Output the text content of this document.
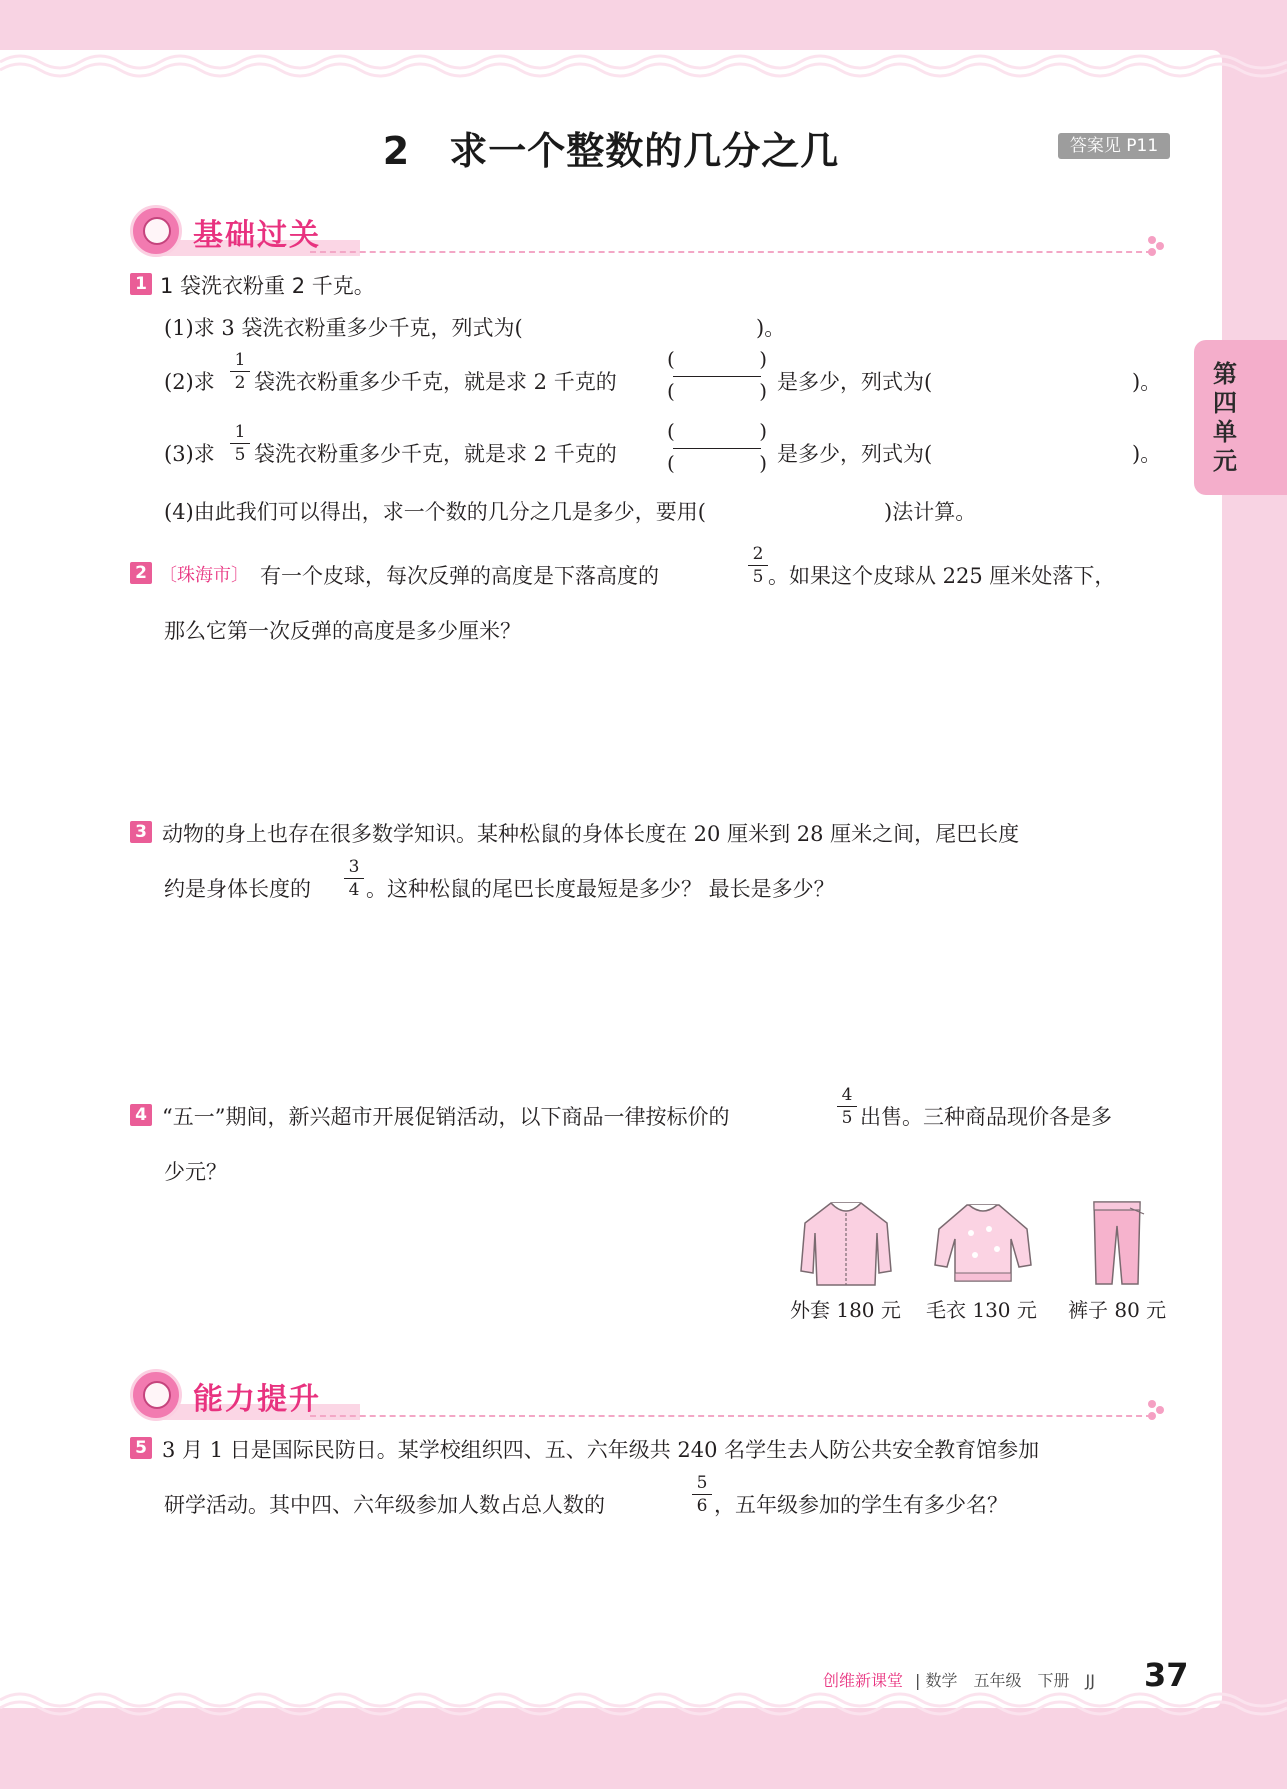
2　求一个整数的几分之几	答案见 P11
第四单元
基础过关
1 1 袋洗衣粉重 2 千克。
(1)求 3 袋洗衣粉重多少千克，列式为(	)。
(2)求
1
2 袋洗衣粉重多少千克，就是求 2 千克的
(	)
(	) 是多少，列式为(	)。
(3)求
1
5 袋洗衣粉重多少千克，就是求 2 千克的
(	)
(	) 是多少，列式为(	)。
(4)由此我们可以得出，求一个数的几分之几是多少，要用(	)法计算。
2 〔珠海市〕 有一个皮球，每次反弹的高度是下落高度的
2
5 。如果这个皮球从 225 厘米处落下，
那么它第一次反弹的高度是多少厘米？
3 动物的身上也存在很多数学知识。某种松鼠的身体长度在 20 厘米到 28 厘米之间，尾巴长度
约是身体长度的
3
4 。这种松鼠的尾巴长度最短是多少？ 最长是多少？
4 “五一”期间，新兴超市开展促销活动，以下商品一律按标价的
4
5 出售。三种商品现价各是多
少元？
外套 180 元 毛衣 130 元 裤子 80 元
能力提升
5 3 月 1 日是国际民防日。某学校组织四、五、六年级共 240 名学生去人防公共安全教育馆参加
研学活动。其中四、六年级参加人数占总人数的
5
6 ，五年级参加的学生有多少名？
创维新课堂 | 数学　五年级　下册　JJ 37
